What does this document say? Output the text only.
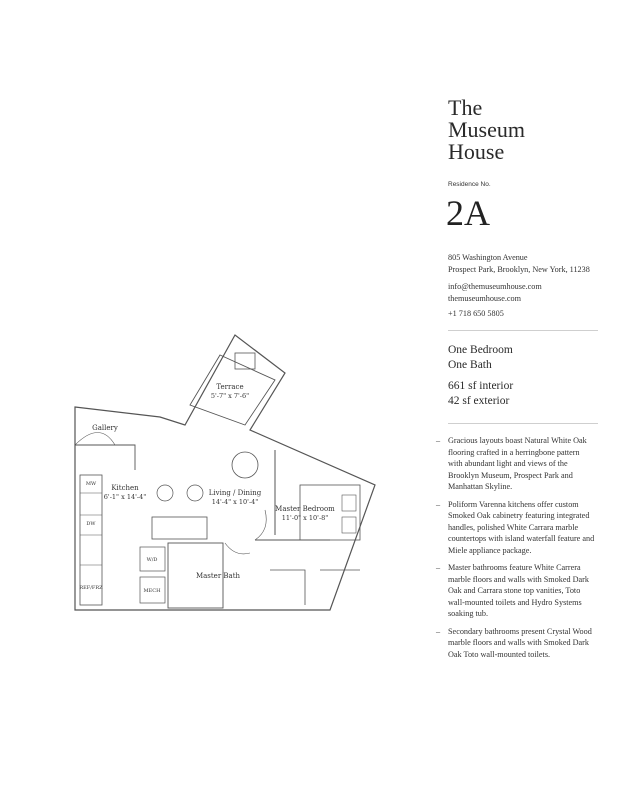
Terrace
5'-7" x 7'-6"
Gallery
Kitchen
6'-1" x 14'-4"	Living / Dining
14'-4" x 10'-4"
Master Bedroom
11'-0" x 10'-8"
Master Bath
MW
DW
REF/FRZ
W/D
MECH
The
Museum
House
Residence No.
2A
805 Washington Avenue
Prospect Park, Brooklyn, New York, 11238
info@themuseumhouse.com
themuseumhouse.com
+1 718 650 5805
One Bedroom
One Bath
661 sf interior
42 sf exterior
– Gracious layouts boast Natural White Oak flooring crafted in a herringbone pattern with abundant light and views of the Brooklyn Museum, Prospect Park and Manhattan Skyline.
– Poliform Varenna kitchens offer custom Smoked Oak cabinetry featuring integrated handles, polished White Carrara marble countertops with island waterfall feature and Miele appliance package.
– Master bathrooms feature White Carrera marble floors and walls with Smoked Dark Oak and Carrara stone top vanities, Toto wall-mounted toilets and Hydro Systems soaking tub.
– Secondary bathrooms present Crystal Wood marble floors and walls with Smoked Dark Oak Toto wall-mounted toilets.
